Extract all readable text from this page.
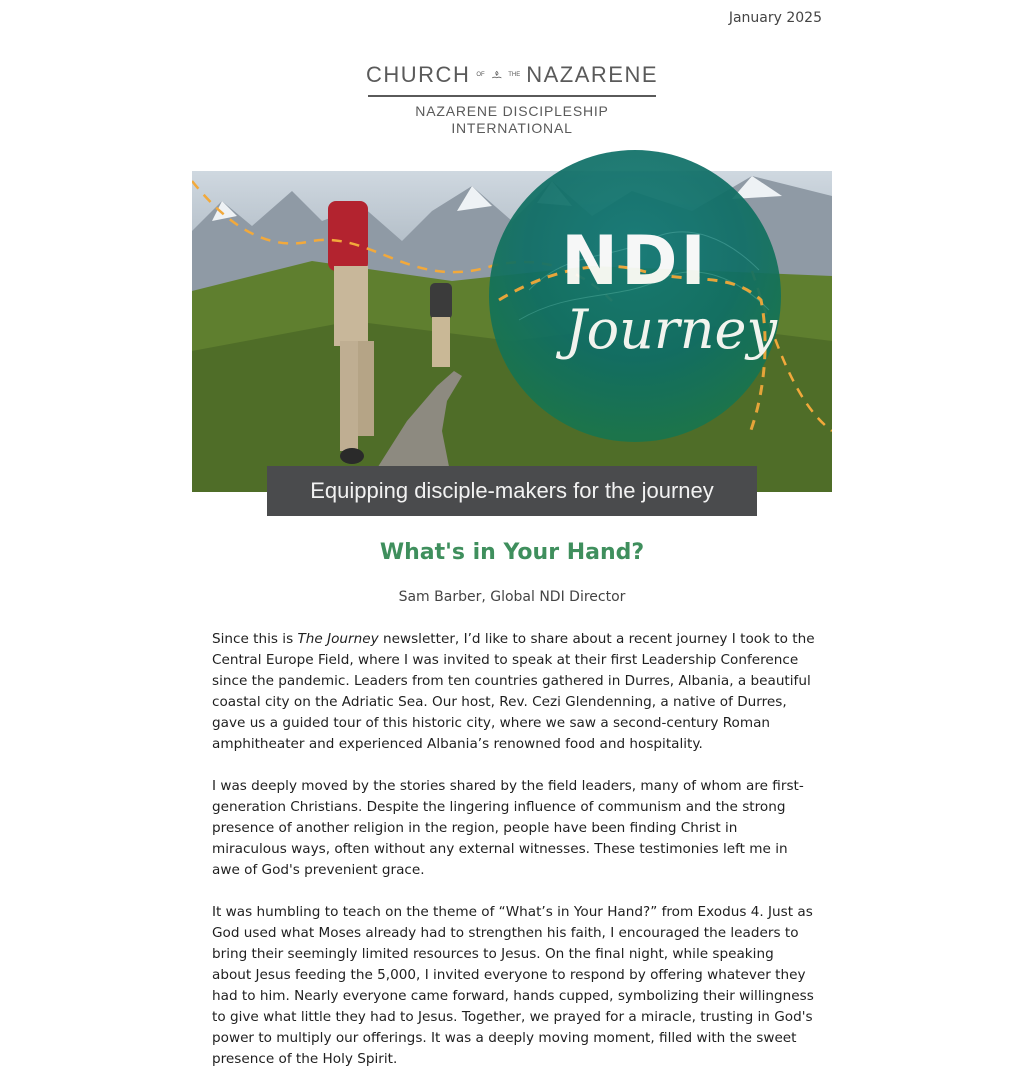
January 2025
CHURCH OF	THE NAZARENE
NAZARENE DISCIPLESHIP
INTERNATIONAL
NDI
Journey
Equipping disciple-makers for the journey
What's in Your Hand?
Sam Barber, Global NDI Director

Since this is The Journey newsletter, I’d like to share about a recent journey I took to the Central Europe Field, where I was invited to speak at their first Leadership Conference since the pandemic. Leaders from ten countries gathered in Durres, Albania, a beautiful coastal city on the Adriatic Sea. Our host, Rev. Cezi Glendenning, a native of Durres, gave us a guided tour of this historic city, where we saw a second-century Roman amphitheater and experienced Albania’s renowned food and hospitality.

I was deeply moved by the stories shared by the field leaders, many of whom are first-generation Christians. Despite the lingering influence of communism and the strong presence of another religion in the region, people have been finding Christ in miraculous ways, often without any external witnesses. These testimonies left me in awe of God's prevenient grace.

It was humbling to teach on the theme of “What’s in Your Hand?” from Exodus 4. Just as God used what Moses already had to strengthen his faith, I encouraged the leaders to bring their seemingly limited resources to Jesus. On the final night, while speaking about Jesus feeding the 5,000, I invited everyone to respond by offering whatever they had to him. Nearly everyone came forward, hands cupped, symbolizing their willingness to give what little they had to Jesus. Together, we prayed for a miracle, trusting in God's power to multiply our offerings. It was a deeply moving moment, filled with the sweet presence of the Holy Spirit.
